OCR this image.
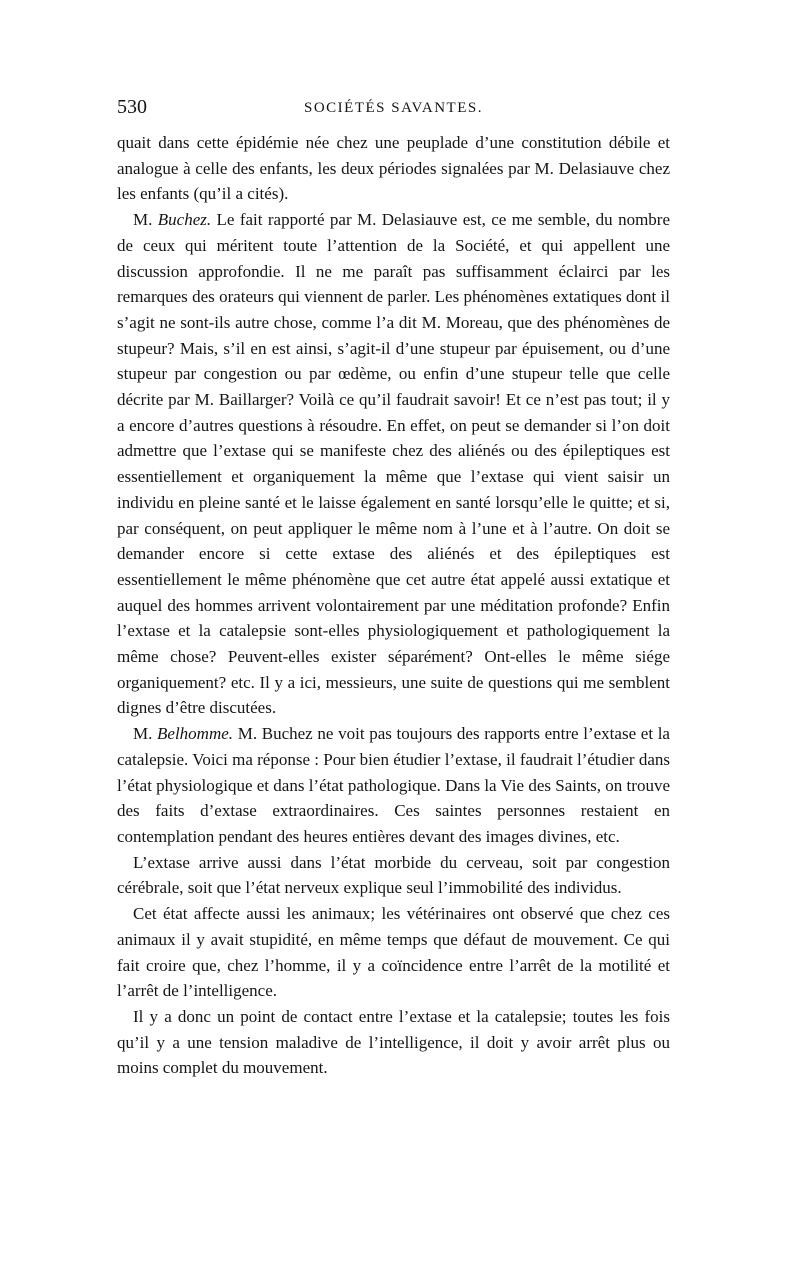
530	SOCIÉTÉS SAVANTES.

quait dans cette épidémie née chez une peuplade d’une constitution débile et analogue à celle des enfants, les deux périodes signalées par M. Delasiauve chez les enfants (qu’il a cités).

M. Buchez. Le fait rapporté par M. Delasiauve est, ce me semble, du nombre de ceux qui méritent toute l’attention de la Société, et qui appellent une discussion approfondie. Il ne me paraît pas suffisamment éclairci par les remarques des orateurs qui viennent de parler. Les phénomènes extatiques dont il s’agit ne sont-ils autre chose, comme l’a dit M. Moreau, que des phénomènes de stupeur? Mais, s’il en est ainsi, s’agit-il d’une stupeur par épuisement, ou d’une stupeur par congestion ou par œdème, ou enfin d’une stupeur telle que celle décrite par M. Baillarger? Voilà ce qu’il faudrait savoir! Et ce n’est pas tout; il y a encore d’autres questions à résoudre. En effet, on peut se demander si l’on doit admettre que l’extase qui se manifeste chez des aliénés ou des épileptiques est essentiellement et organiquement la même que l’extase qui vient saisir un individu en pleine santé et le laisse également en santé lorsqu’elle le quitte; et si, par conséquent, on peut appliquer le même nom à l’une et à l’autre. On doit se demander encore si cette extase des aliénés et des épileptiques est essentiellement le même phénomène que cet autre état appelé aussi extatique et auquel des hommes arrivent volontairement par une méditation profonde? Enfin l’extase et la catalepsie sont-elles physiologiquement et pathologiquement la même chose? Peuvent-elles exister séparément? Ont-elles le même siége organiquement? etc. Il y a ici, messieurs, une suite de questions qui me semblent dignes d’être discutées.

M. Belhomme. M. Buchez ne voit pas toujours des rapports entre l’extase et la catalepsie. Voici ma réponse : Pour bien étudier l’extase, il faudrait l’étudier dans l’état physiologique et dans l’état pathologique. Dans la Vie des Saints, on trouve des faits d’extase extraordinaires. Ces saintes personnes restaient en contemplation pendant des heures entières devant des images divines, etc.

L’extase arrive aussi dans l’état morbide du cerveau, soit par congestion cérébrale, soit que l’état nerveux explique seul l’immobilité des individus.

Cet état affecte aussi les animaux; les vétérinaires ont observé que chez ces animaux il y avait stupidité, en même temps que défaut de mouvement. Ce qui fait croire que, chez l’homme, il y a coïncidence entre l’arrêt de la motilité et l’arrêt de l’intelligence.

Il y a donc un point de contact entre l’extase et la catalepsie; toutes les fois qu’il y a une tension maladive de l’intelligence, il doit y avoir arrêt plus ou moins complet du mouvement.
